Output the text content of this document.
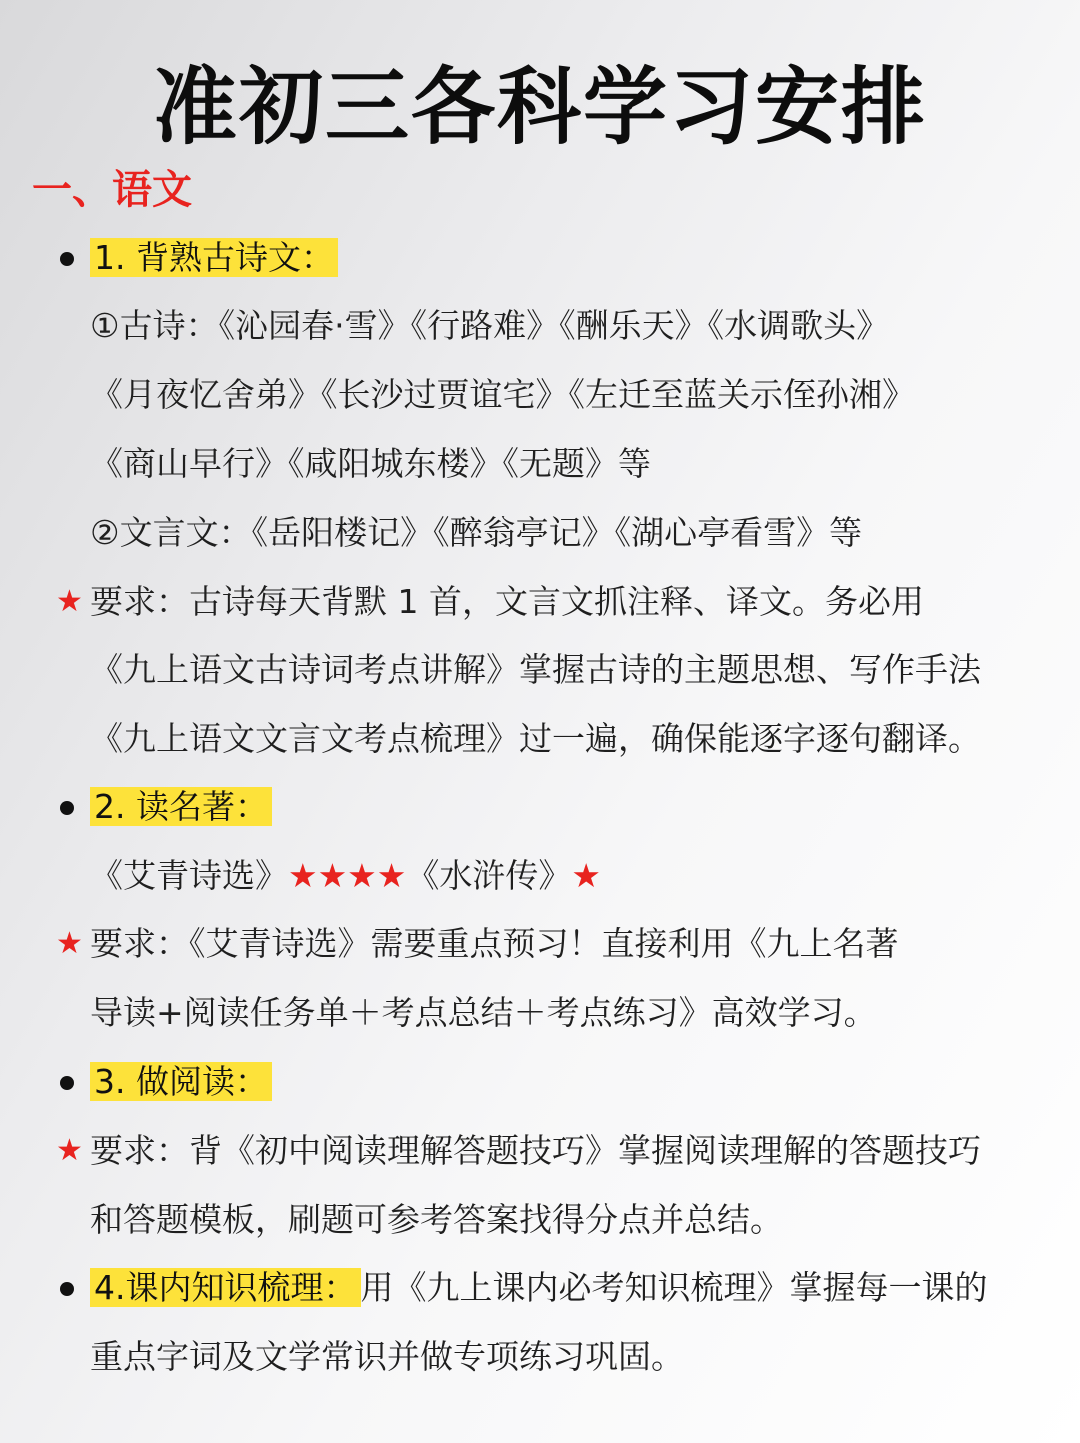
准初三各科学习安排
一、语文
1. 背熟古诗文：
①古诗：《沁园春·雪》《行路难》《酬乐天》《水调歌头》
《月夜忆舍弟》《长沙过贾谊宅》《左迁至蓝关示侄孙湘》
《商山早行》《咸阳城东楼》《无题》等
②文言文：《岳阳楼记》《醉翁亭记》《湖心亭看雪》等
★ 要求：古诗每天背默 1 首，文言文抓注释、译文。务必用
《九上语文古诗词考点讲解》掌握古诗的主题思想、写作手法
《九上语文文言文考点梳理》过一遍，确保能逐字逐句翻译。
2. 读名著：
《艾青诗选》★★★★《水浒传》★
★ 要求：《艾青诗选》需要重点预习！直接利用《九上名著
导读+阅读任务单＋考点总结＋考点练习》高效学习。
3. 做阅读：
★ 要求：背《初中阅读理解答题技巧》掌握阅读理解的答题技巧
和答题模板，刷题可参考答案找得分点并总结。
4.课内知识梳理： 用《九上课内必考知识梳理》掌握每一课的
重点字词及文学常识并做专项练习巩固。
